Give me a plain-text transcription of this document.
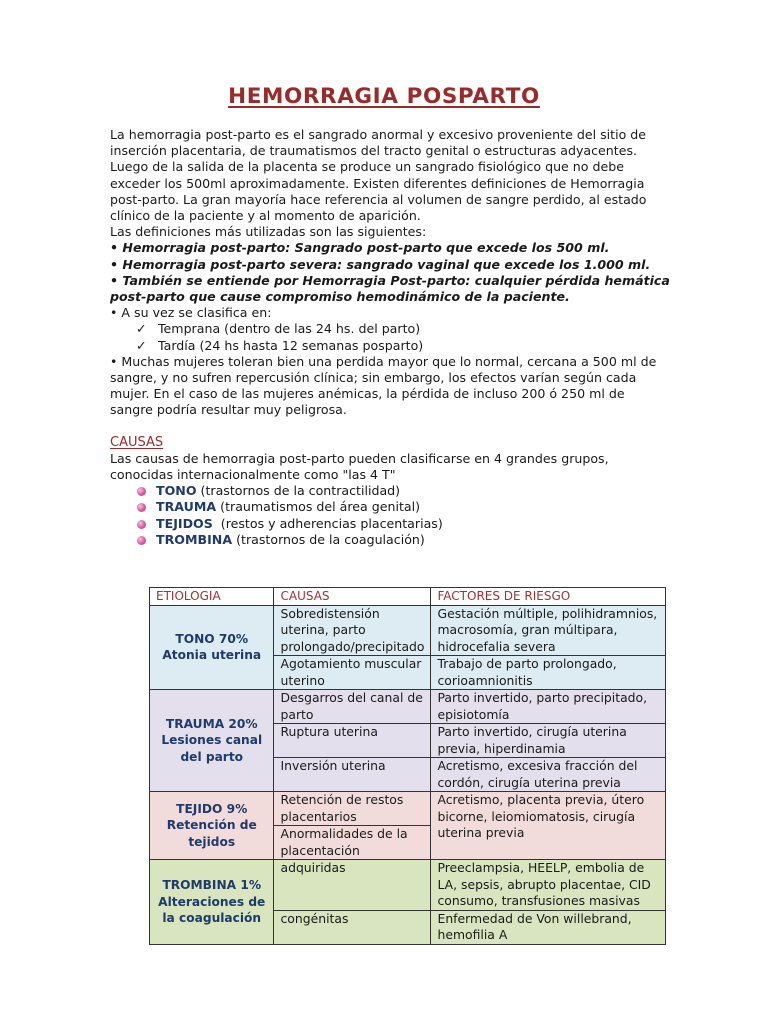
HEMORRAGIA POSPARTO

La hemorragia post-parto es el sangrado anormal y excesivo proveniente del sitio de inserción placentaria, de traumatismos del tracto genital o estructuras adyacentes.

Luego de la salida de la placenta se produce un sangrado fisiológico que no debe exceder los 500ml aproximadamente. Existen diferentes definiciones de Hemorragia

post-parto. La gran mayoría hace referencia al volumen de sangre perdido, al estado clínico de la paciente y al momento de aparición.

Las definiciones más utilizadas son las siguientes:

• Hemorragia post-parto: Sangrado post-parto que excede los 500 ml.

• Hemorragia post-parto severa: sangrado vaginal que excede los 1.000 ml.

• También se entiende por Hemorragia Post-parto: cualquier pérdida hemática post-parto que cause compromiso hemodinámico de la paciente.

• A su vez se clasifica en:

✓ Temprana (dentro de las 24 hs. del parto)

✓ Tardía (24 hs hasta 12 semanas posparto)

• Muchas mujeres toleran bien una perdida mayor que lo normal, cercana a 500 ml de sangre, y no sufren repercusión clínica; sin embargo, los efectos varían según cada mujer. En el caso de las mujeres anémicas, la pérdida de incluso 200 ó 250 ml de sangre podría resultar muy peligrosa.

CAUSAS

Las causas de hemorragia post-parto pueden clasificarse en 4 grandes grupos, conocidas internacionalmente como "las 4 T"

TONO (trastornos de la contractilidad)

TRAUMA (traumatismos del área genital)

TEJIDOS  (restos y adherencias placentarias)

TROMBINA (trastornos de la coagulación)

ETIOLOGIA	CAUSAS	FACTORES DE RIESGO

TONO 70%
Atonia uterina	Sobredistensión uterina, parto prolongado/precipitado	Gestación múltiple, polihidramnios, macrosomía, gran múltipara, hidrocefalia severa
	Agotamiento muscular uterino	Trabajo de parto prolongado, corioamnionitis

TRAUMA 20%
Lesiones canal del parto	Desgarros del canal de parto	Parto invertido, parto precipitado, episiotomía
	Ruptura uterina	Parto invertido, cirugía uterina previa, hiperdinamia
	Inversión uterina	Acretismo, excesiva fracción del cordón, cirugía uterina previa

TEJIDO 9%
Retención de tejidos	Retención de restos placentarios	Acretismo, placenta previa, útero bicorne, leiomiomatosis, cirugía uterina previa
	Anormalidades de la placentación	

TROMBINA 1%
Alteraciones de la coagulación	adquiridas	Preeclampsia, HEELP, embolia de LA, sepsis, abrupto placentae, CID consumo, transfusiones masivas
	congénitas	Enfermedad de Von willebrand, hemofilia A
